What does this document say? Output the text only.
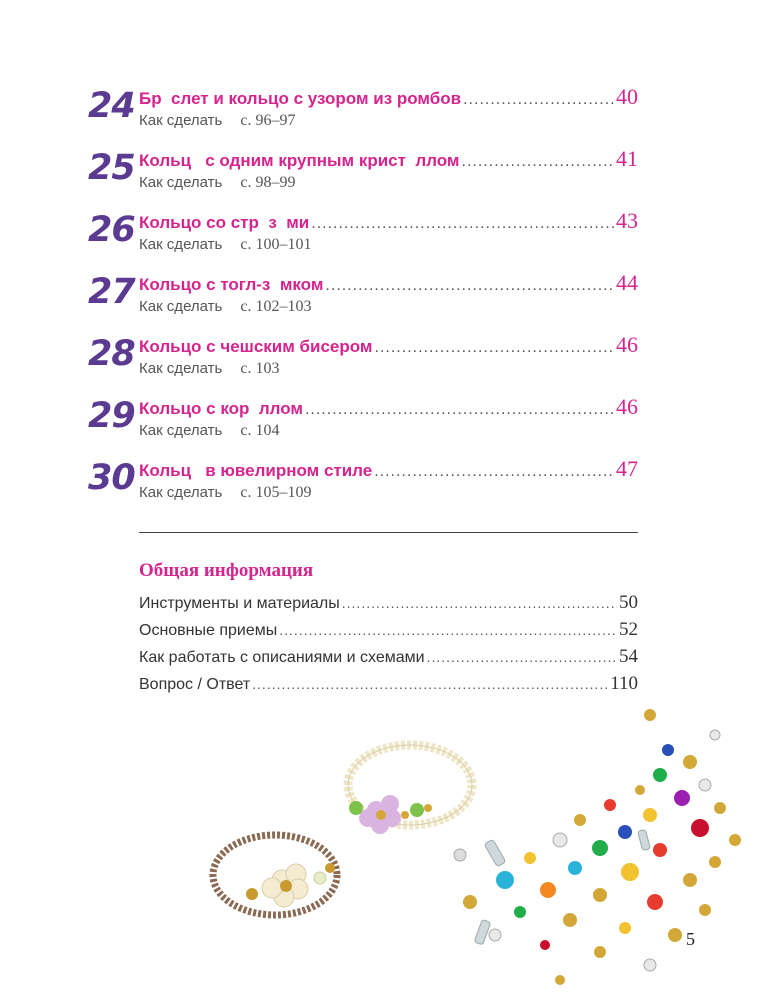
24 Бр  слет и кольцо с узором из ромбов .....	40
Как сделать с. 96–97
25 Кольц   с одним крупным крист  ллом .....	41
Как сделать с. 98–99
26 Кольцо со стр  з  ми .....	43
Как сделать с. 100–101
27 Кольцо с тогл-з  мком .....	44
Как сделать с. 102–103
28 Кольцо с чешским бисером .....	46
Как сделать с. 103
29 Кольцо с кор  ллом .....	46
Как сделать с. 104
30 Кольц   в ювелирном стиле .....	47
Как сделать с. 105–109
Общая информация
Инструменты и материалы .....	50
Основные приемы .....	52
Как работать с описаниями и схемами .....	54
Вопрос / Ответ .....	110
5
